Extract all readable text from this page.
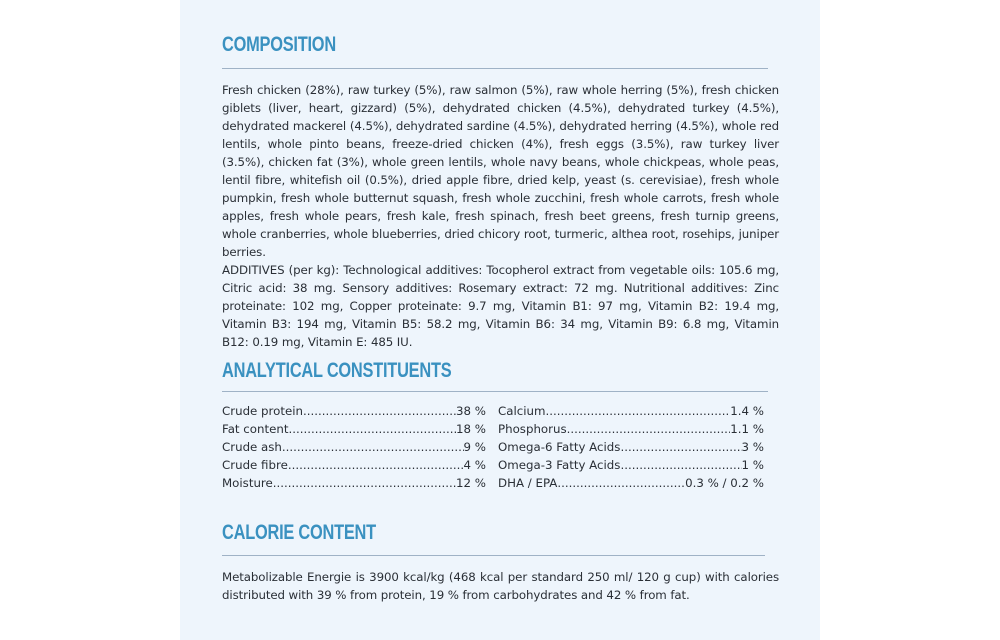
COMPOSITION

Fresh chicken (28%), raw turkey (5%), raw salmon (5%), raw whole herring (5%), fresh chicken giblets (liver, heart, gizzard) (5%), dehydrated chicken (4.5%), dehydrated turkey (4.5%), dehydrated mackerel (4.5%), dehydrated sardine (4.5%), dehydrated herring (4.5%), whole red lentils, whole pinto beans, freeze-dried chicken (4%), fresh eggs (3.5%), raw turkey liver (3.5%), chicken fat (3%), whole green lentils, whole navy beans, whole chickpeas, whole peas, lentil fibre, whitefish oil (0.5%), dried apple fibre, dried kelp, yeast (s. cerevisiae), fresh whole pumpkin, fresh whole butternut squash, fresh whole zucchini, fresh whole carrots, fresh whole apples, fresh whole pears, fresh kale, fresh spinach, fresh beet greens, fresh turnip greens, whole cranberries, whole blueberries, dried chicory root, turmeric, althea root, rosehips, juniper berries.

ADDITIVES (per kg): Technological additives: Tocopherol extract from vegetable oils: 105.6 mg, Citric acid: 38 mg. Sensory additives: Rosemary extract: 72 mg. Nutritional additives: Zinc proteinate: 102 mg, Copper proteinate: 9.7 mg, Vitamin B1: 97 mg, Vitamin B2: 19.4 mg, Vitamin B3: 194 mg, Vitamin B5: 58.2 mg, Vitamin B6: 34 mg, Vitamin B9: 6.8 mg, Vitamin B12: 0.19 mg, Vitamin E: 485 IU.

ANALYTICAL CONSTITUENTS
Crude protein .....	38 %
Fat content .....	18 %
Crude ash .....	9 %
Crude fibre .....	4 %
Moisture .....	12 %
Calcium .....	1.4 %
Phosphorus .....	1.1 %
Omega-6 Fatty Acids .....	3 %
Omega-3 Fatty Acids .....	1 %
DHA / EPA .....	0.3 % / 0.2 %
CALORIE CONTENT

Metabolizable Energie is 3900 kcal/kg (468 kcal per standard 250 ml/ 120 g cup) with calories distributed with 39 % from protein, 19 % from carbohydrates and 42 % from fat.
